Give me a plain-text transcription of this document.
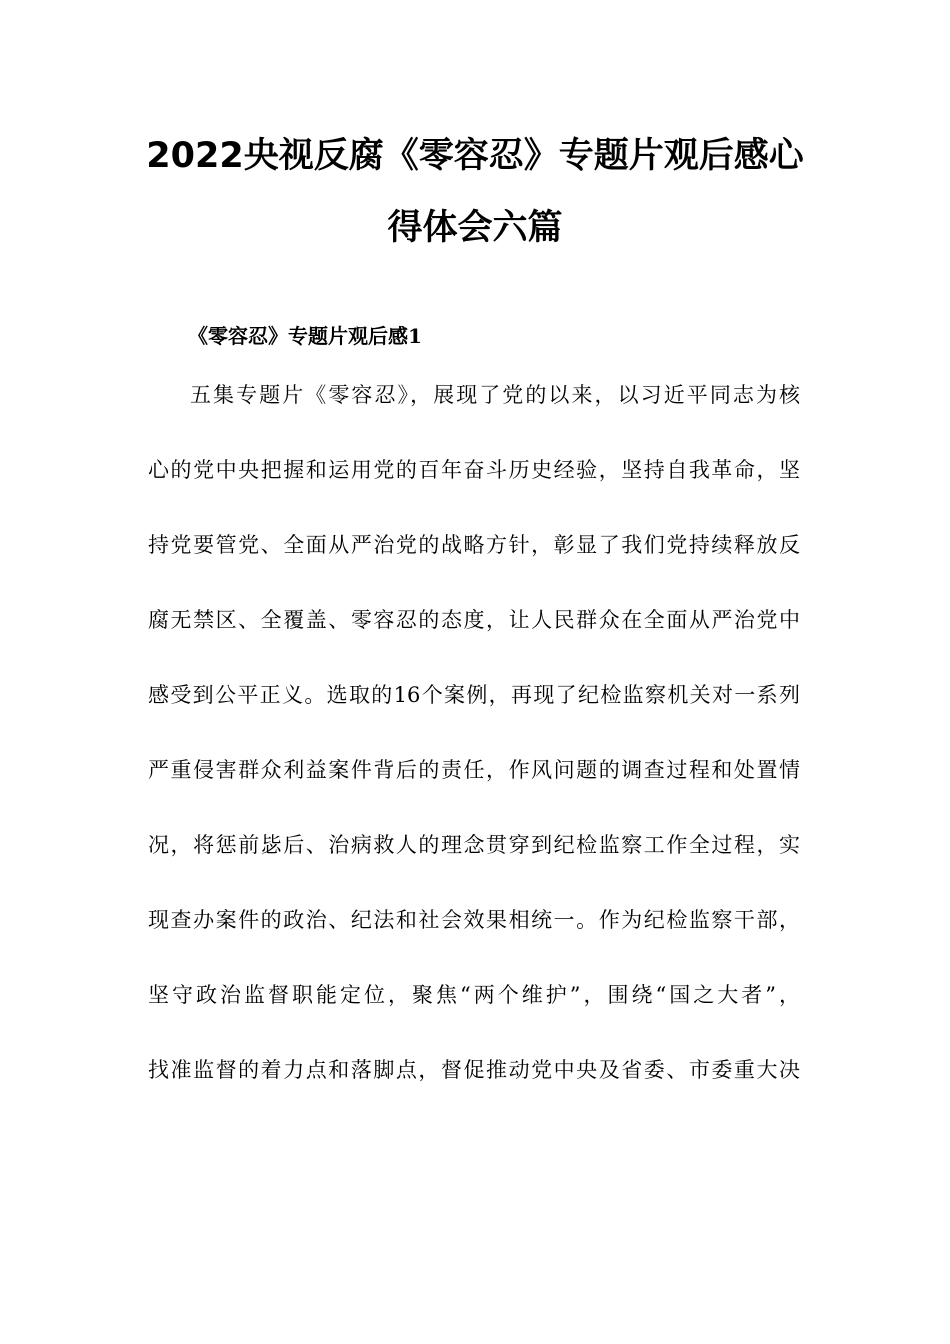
2022央视反腐《零容忍》专题片观后感心
得体会六篇
《零容忍》专题片观后感1
五集专题片《零容忍》，展现了党的以来，以习近平同志为核
心的党中央把握和运用党的百年奋斗历史经验，坚持自我革命，坚
持党要管党、全面从严治党的战略方针，彰显了我们党持续释放反
腐无禁区、全覆盖、零容忍的态度，让人民群众在全面从严治党中
感受到公平正义。选取的16个案例，再现了纪检监察机关对一系列
严重侵害群众利益案件背后的责任，作风问题的调查过程和处置情
况，将惩前毖后、治病救人的理念贯穿到纪检监察工作全过程，实
现查办案件的政治、纪法和社会效果相统一。作为纪检监察干部，
坚守政治监督职能定位，聚焦“两个维护”，围绕“国之大者”，
找准监督的着力点和落脚点，督促推动党中央及省委、市委重大决
